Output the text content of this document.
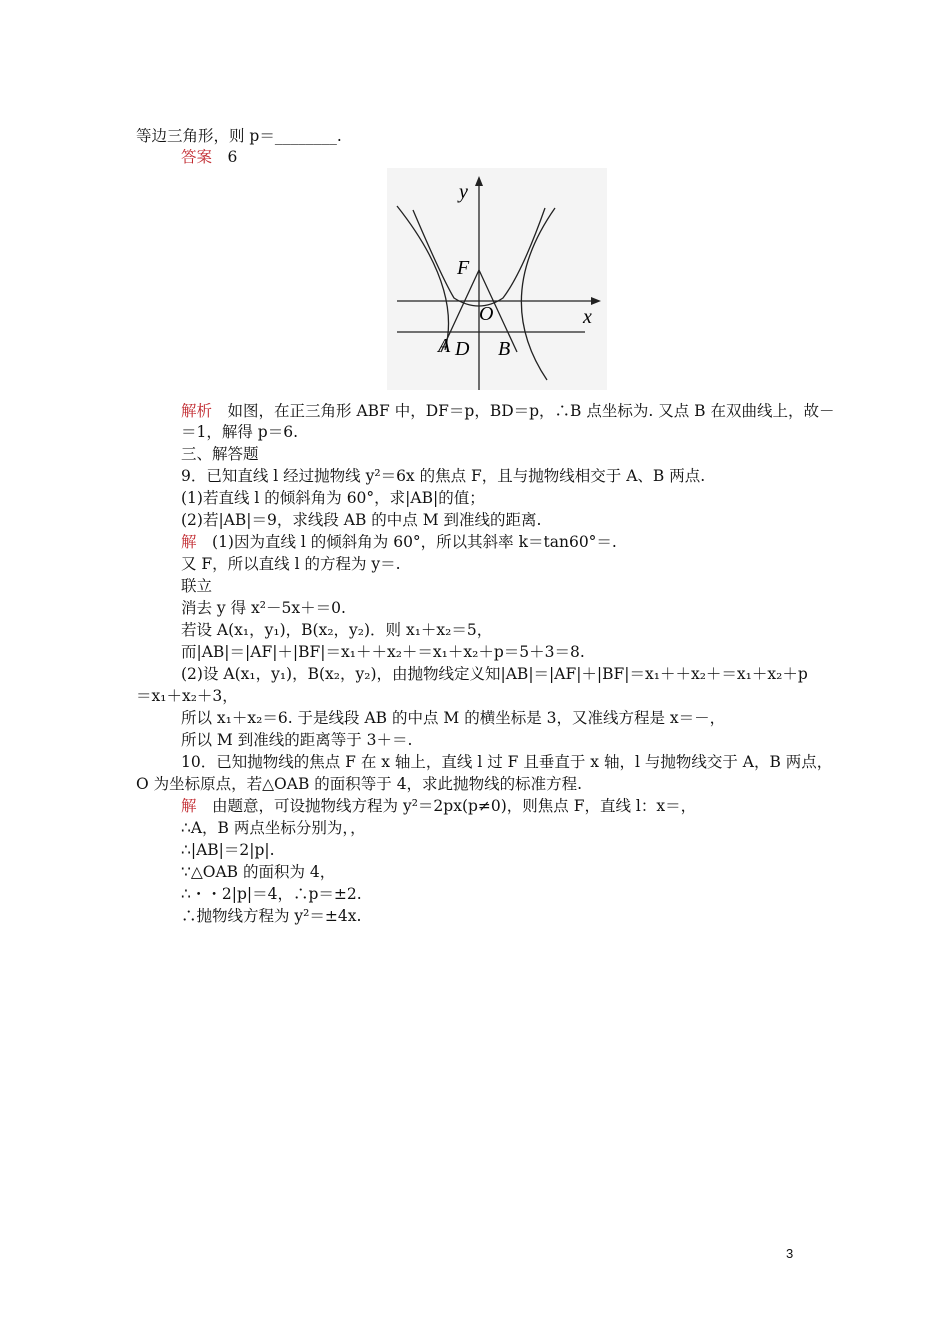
等边三角形，则 p＝________.
答案　6
y
x
F
O
A D B
解析　如图，在正三角形 ABF 中，DF＝p，BD＝p，∴B 点坐标为. 又点 B 在双曲线上，故－
＝1，解得 p＝6.
三、解答题
9．已知直线 l 经过抛物线 y²＝6x 的焦点 F，且与抛物线相交于 A、B 两点.
(1)若直线 l 的倾斜角为 60°，求|AB|的值；
(2)若|AB|＝9，求线段 AB 的中点 M 到准线的距离.
解　(1)因为直线 l 的倾斜角为 60°，所以其斜率 k＝tan60°＝.
又 F，所以直线 l 的方程为 y＝.
联立
消去 y 得 x²－5x＋＝0.
若设 A(x₁，y₁)，B(x₂，y₂)．则 x₁＋x₂＝5，
而|AB|＝|AF|＋|BF|＝x₁＋＋x₂＋＝x₁＋x₂＋p＝5＋3＝8.
(2)设 A(x₁，y₁)，B(x₂，y₂)，由抛物线定义知|AB|＝|AF|＋|BF|＝x₁＋＋x₂＋＝x₁＋x₂＋p
＝x₁＋x₂＋3，
所以 x₁＋x₂＝6. 于是线段 AB 的中点 M 的横坐标是 3，又准线方程是 x＝－，
所以 M 到准线的距离等于 3＋＝.
10．已知抛物线的焦点 F 在 x 轴上，直线 l 过 F 且垂直于 x 轴，l 与抛物线交于 A，B 两点，
O 为坐标原点，若△OAB 的面积等于 4，求此抛物线的标准方程.
解　由题意，可设抛物线方程为 y²＝2px(p≠0)，则焦点 F，直线 l：x＝，
∴A，B 两点坐标分别为，，
∴|AB|＝2|p|.
∵△OAB 的面积为 4，
∴・・2|p|＝4，∴p＝±2.
∴抛物线方程为 y²＝±4x.
3
